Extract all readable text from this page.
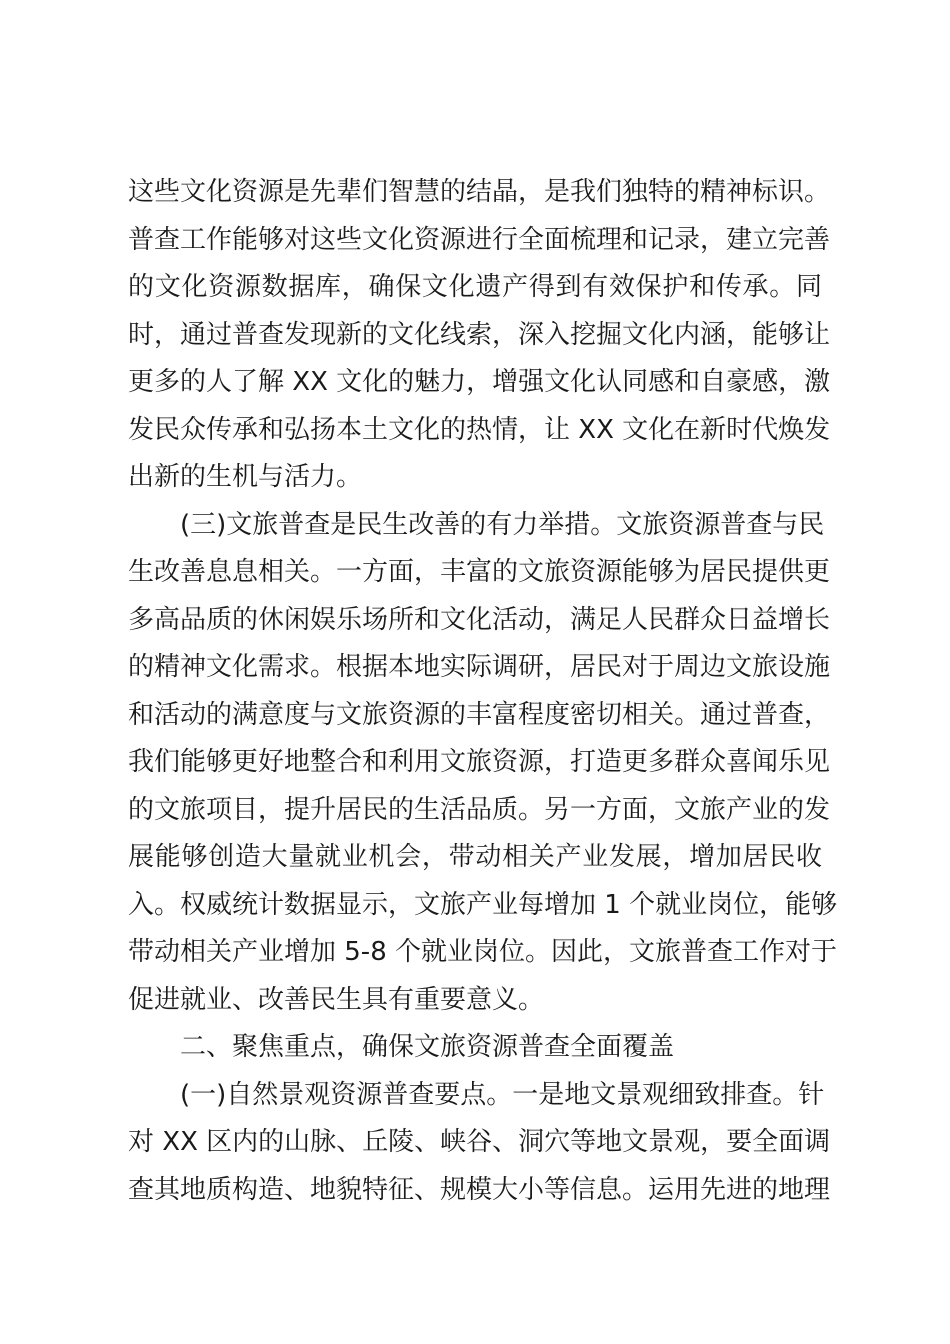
这些文化资源是先辈们智慧的结晶，是我们独特的精神标识。
普查工作能够对这些文化资源进行全面梳理和记录，建立完善
的文化资源数据库，确保文化遗产得到有效保护和传承。同
时，通过普查发现新的文化线索，深入挖掘文化内涵，能够让
更多的人了解 XX 文化的魅力，增强文化认同感和自豪感，激
发民众传承和弘扬本土文化的热情，让 XX 文化在新时代焕发
出新的生机与活力。
(三)文旅普查是民生改善的有力举措。文旅资源普查与民
生改善息息相关。一方面，丰富的文旅资源能够为居民提供更
多高品质的休闲娱乐场所和文化活动，满足人民群众日益增长
的精神文化需求。根据本地实际调研，居民对于周边文旅设施
和活动的满意度与文旅资源的丰富程度密切相关。通过普查，
我们能够更好地整合和利用文旅资源，打造更多群众喜闻乐见
的文旅项目，提升居民的生活品质。另一方面，文旅产业的发
展能够创造大量就业机会，带动相关产业发展，增加居民收
入。权威统计数据显示，文旅产业每增加 1 个就业岗位，能够
带动相关产业增加 5-8 个就业岗位。因此，文旅普查工作对于
促进就业、改善民生具有重要意义。
二、聚焦重点，确保文旅资源普查全面覆盖
(一)自然景观资源普查要点。一是地文景观细致排查。针
对 XX 区内的山脉、丘陵、峡谷、洞穴等地文景观，要全面调
查其地质构造、地貌特征、规模大小等信息。运用先进的地理
